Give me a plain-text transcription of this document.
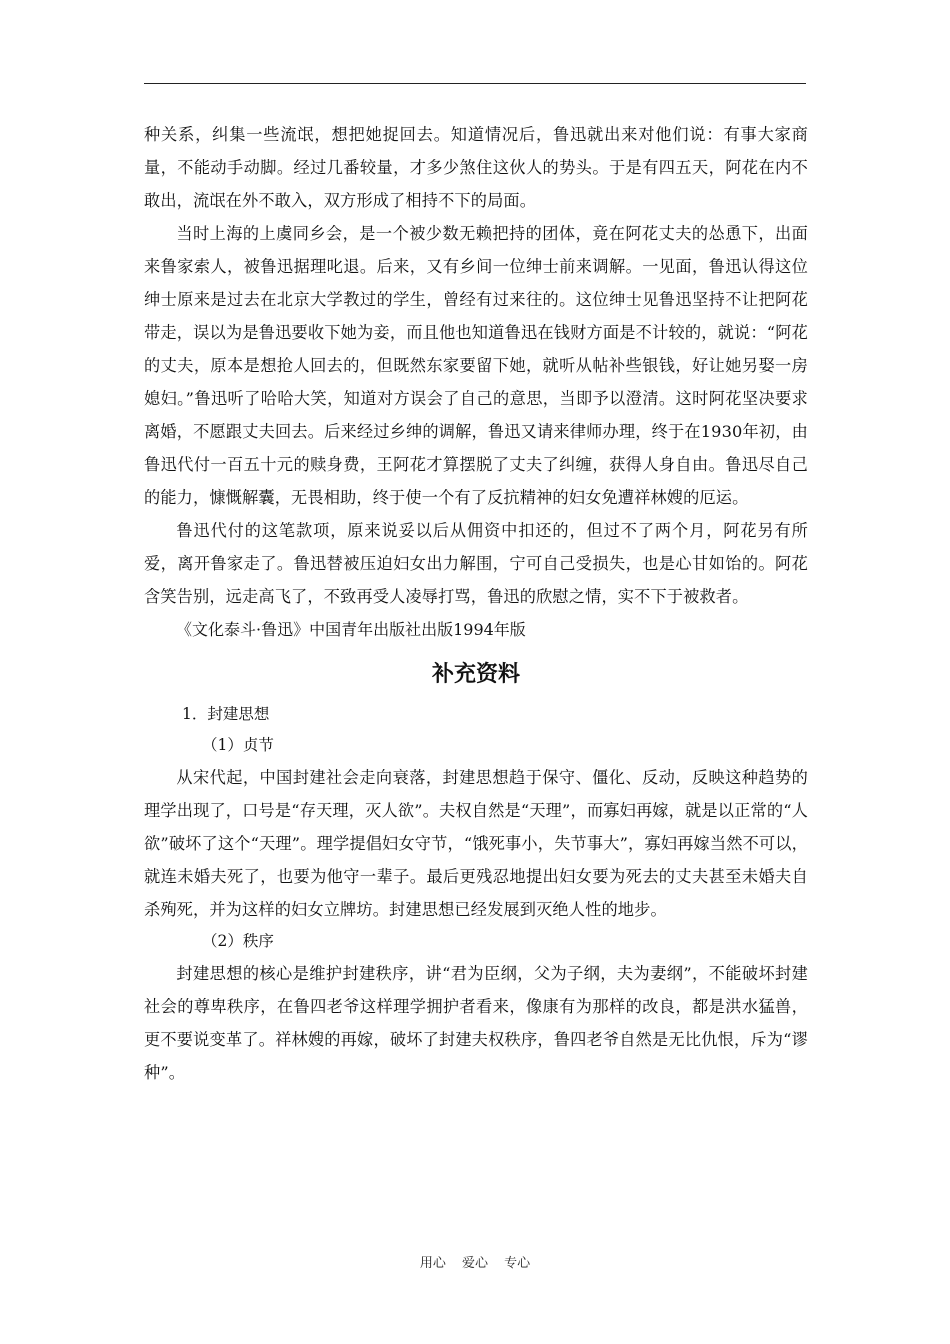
种关系，纠集一些流氓，想把她捉回去。知道情况后，鲁迅就出来对他们说：有事大家商量，不能动手动脚。经过几番较量，才多少煞住这伙人的势头。于是有四五天，阿花在内不敢出，流氓在外不敢入，双方形成了相持不下的局面。

当时上海的上虞同乡会，是一个被少数无赖把持的团体，竟在阿花丈夫的怂恿下，出面来鲁家索人，被鲁迅据理叱退。后来，又有乡间一位绅士前来调解。一见面，鲁迅认得这位绅士原来是过去在北京大学教过的学生，曾经有过来往的。这位绅士见鲁迅坚持不让把阿花带走，误以为是鲁迅要收下她为妾，而且他也知道鲁迅在钱财方面是不计较的，就说：“阿花的丈夫，原本是想抢人回去的，但既然东家要留下她，就听从帖补些银钱，好让她另娶一房媳妇。”鲁迅听了哈哈大笑，知道对方误会了自己的意思，当即予以澄清。这时阿花坚决要求离婚，不愿跟丈夫回去。后来经过乡绅的调解，鲁迅又请来律师办理，终于在1930年初，由鲁迅代付一百五十元的赎身费，王阿花才算摆脱了丈夫了纠缠，获得人身自由。鲁迅尽自己的能力，慷慨解囊，无畏相助，终于使一个有了反抗精神的妇女免遭祥林嫂的厄运。

鲁迅代付的这笔款项，原来说妥以后从佣资中扣还的，但过不了两个月，阿花另有所爱，离开鲁家走了。鲁迅替被压迫妇女出力解围，宁可自己受损失，也是心甘如饴的。阿花含笑告别，远走高飞了，不致再受人凌辱打骂，鲁迅的欣慰之情，实不下于被救者。

《文化泰斗·鲁迅》中国青年出版社出版1994年版

补充资料

1．封建思想

（1）贞节

从宋代起，中国封建社会走向衰落，封建思想趋于保守、僵化、反动，反映这种趋势的理学出现了，口号是“存天理，灭人欲”。夫权自然是“天理”，而寡妇再嫁，就是以正常的“人欲”破坏了这个“天理”。理学提倡妇女守节，“饿死事小，失节事大”，寡妇再嫁当然不可以，就连未婚夫死了，也要为他守一辈子。最后更残忍地提出妇女要为死去的丈夫甚至未婚夫自杀殉死，并为这样的妇女立牌坊。封建思想已经发展到灭绝人性的地步。

（2）秩序

封建思想的核心是维护封建秩序，讲“君为臣纲，父为子纲，夫为妻纲”，不能破坏封建社会的尊卑秩序，在鲁四老爷这样理学拥护者看来，像康有为那样的改良，都是洪水猛兽，更不要说变革了。祥林嫂的再嫁，破坏了封建夫权秩序，鲁四老爷自然是无比仇恨，斥为“谬种”。

用心 爱心 专心
